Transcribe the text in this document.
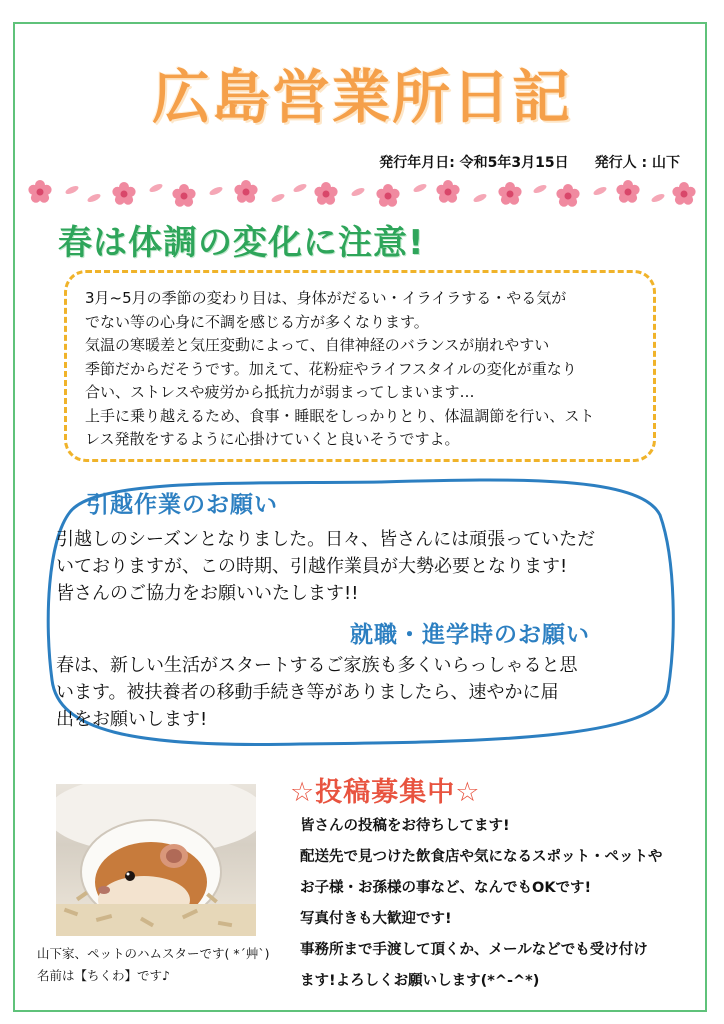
広島営業所日記
発行年月日: 令和5年3月15日 発行人 : 山下
春は体調の変化に注意!
3月~5月の季節の変わり目は、身体がだるい・イライラする・やる気が
でない等の心身に不調を感じる方が多くなります。
気温の寒暖差と気圧変動によって、自律神経のバランスが崩れやすい
季節だからだそうです。加えて、花粉症やライフスタイルの変化が重なり
合い、ストレスや疲労から抵抗力が弱まってしまいます…
上手に乗り越えるため、食事・睡眠をしっかりとり、体温調節を行い、スト
レス発散をするように心掛けていくと良いそうですよ。
引越作業のお願い
引越しのシーズンとなりました。日々、皆さんには頑張っていただ
いておりますが、この時期、引越作業員が大勢必要となります!
皆さんのご協力をお願いいたします!!
就職・進学時のお願い
春は、新しい生活がスタートするご家族も多くいらっしゃると思
います。被扶養者の移動手続き等がありましたら、速やかに届
出をお願いします!
山下家、ペットのハムスターです( *´艸`)
名前は【ちくわ】です♪
☆投稿募集中☆
皆さんの投稿をお待ちしてます!
配送先で見つけた飲食店や気になるスポット・ペットや
お子様・お孫様の事など、なんでもOKです!
写真付きも大歓迎です!
事務所まで手渡して頂くか、メールなどでも受け付け
ます!よろしくお願いします(*^-^*)
